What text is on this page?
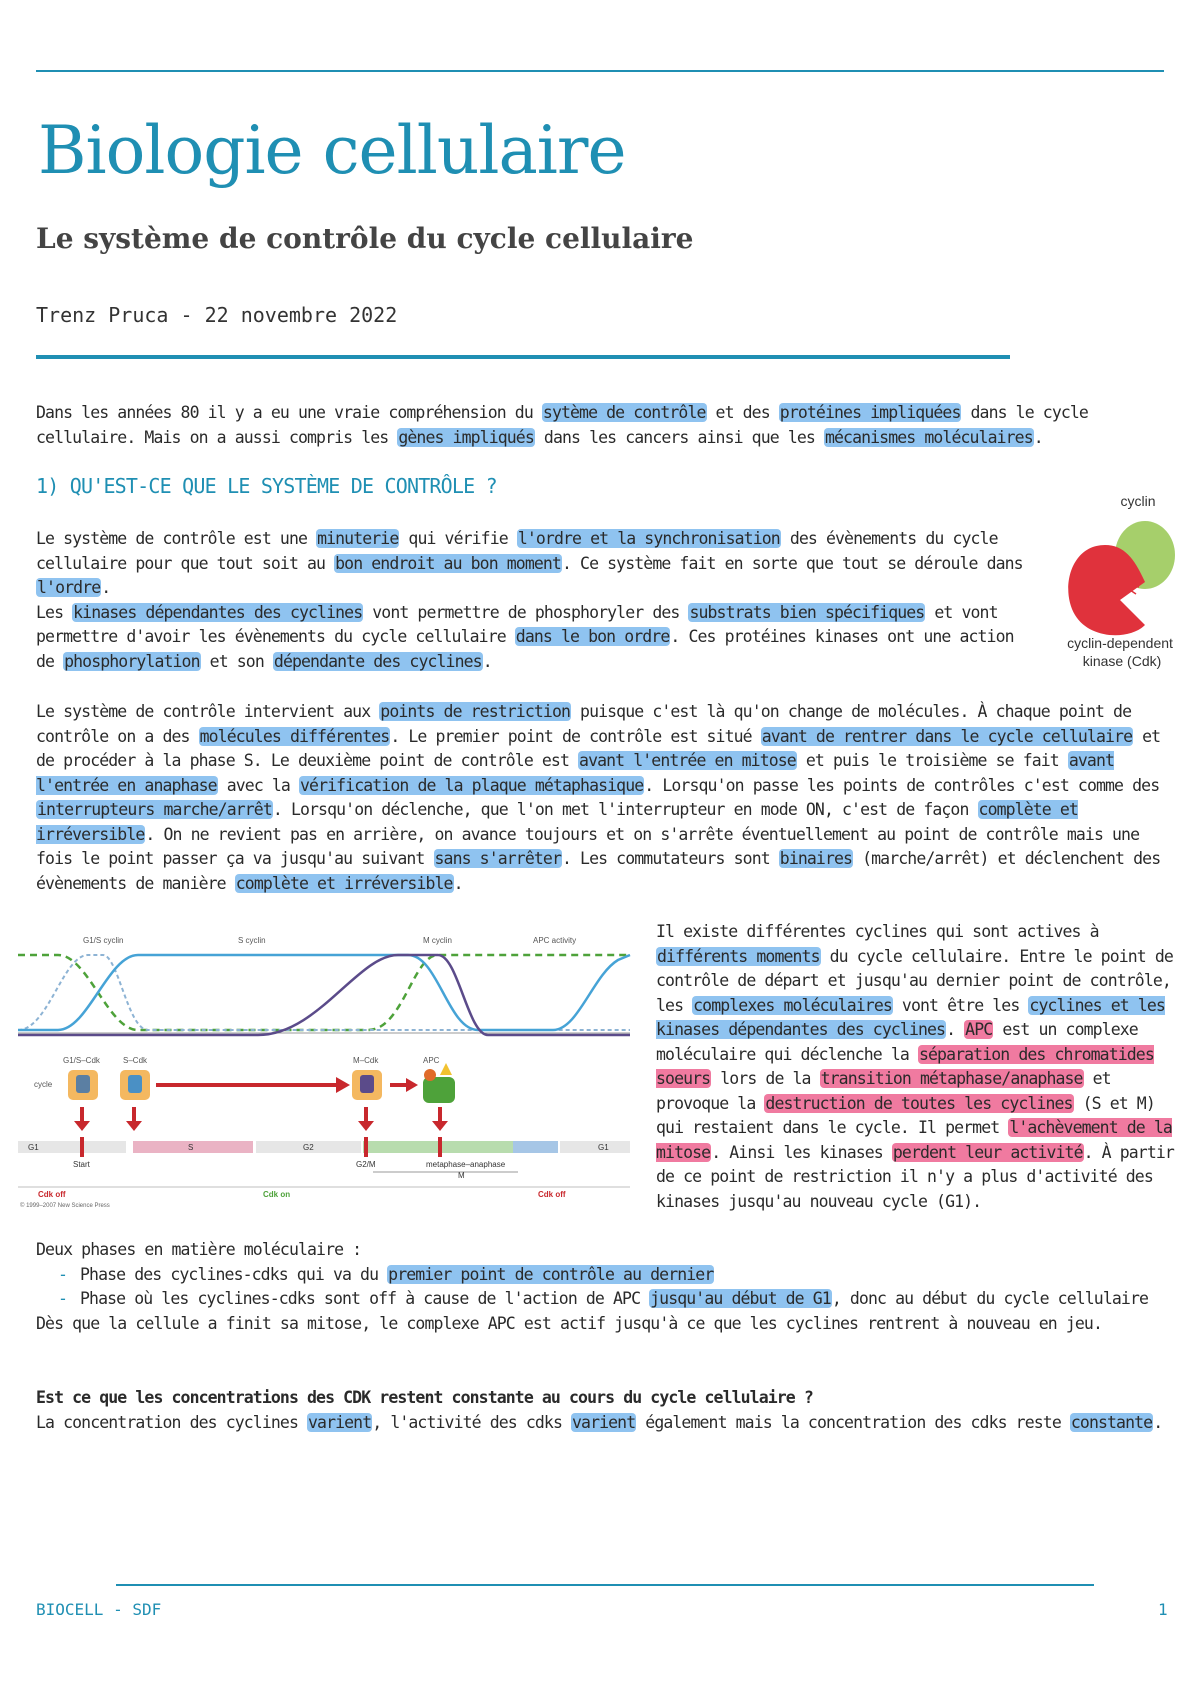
Biologie cellulaire
Le système de contrôle du cycle cellulaire
Trenz Pruca - 22 novembre 2022

Dans les années 80 il y a eu une vraie compréhension du sytème de contrôle et des protéines impliquées dans le cycle cellulaire. Mais on a aussi compris les gènes impliqués dans les cancers ainsi que les mécanismes moléculaires.

1) QU'EST-CE QUE LE SYSTÈME DE CONTRÔLE ?

Le système de contrôle est une minuterie qui vérifie l'ordre et la synchronisation des évènements du cycle cellulaire pour que tout soit au bon endroit au bon moment. Ce système fait en sorte que tout se déroule dans l'ordre.

Les kinases dépendantes des cyclines vont permettre de phosphoryler des substrats bien spécifiques et vont permettre d'avoir les évènements du cycle cellulaire dans le bon ordre. Ces protéines kinases ont une action de phosphorylation et son dépendante des cyclines.

cyclin
cyclin-dependent
kinase (Cdk)

Le système de contrôle intervient aux points de restriction puisque c'est là qu'on change de molécules. À chaque point de contrôle on a des molécules différentes. Le premier point de contrôle est situé avant de rentrer dans le cycle cellulaire et de procéder à la phase S. Le deuxième point de contrôle est avant l'entrée en mitose et puis le troisième se fait avant l'entrée en anaphase avec la vérification de la plaque métaphasique. Lorsqu'on passe les points de contrôles c'est comme des interrupteurs marche/arrêt. Lorsqu'on déclenche, que l'on met l'interrupteur en mode ON, c'est de façon complète et irréversible. On ne revient pas en arrière, on avance toujours et on s'arrête éventuellement au point de contrôle mais une fois le point passer ça va jusqu'au suivant sans s'arrêter. Les commutateurs sont binaires (marche/arrêt) et déclenchent des évènements de manière complète et irréversible.

G1/S cyclin	S cyclin	M cyclin	APC activity
G1/S–Cdk	S–Cdk	M–Cdk	APC
cycle
G1	S	G2	G1
Start	G2/M	metaphase–anaphase
M
Cdk off	Cdk on	Cdk off
© 1999–2007 New Science Press

Il existe différentes cyclines qui sont actives à différents moments du cycle cellulaire. Entre le point de contrôle de départ et jusqu'au dernier point de contrôle, les complexes moléculaires vont être les cyclines et les kinases dépendantes des cyclines. APC est un complexe moléculaire qui déclenche la séparation des chromatides soeurs lors de la transition métaphase/anaphase et provoque la destruction de toutes les cyclines (S et M) qui restaient dans le cycle. Il permet l'achèvement de la mitose. Ainsi les kinases perdent leur activité. À partir de ce point de restriction il n'y a plus d'activité des kinases jusqu'au nouveau cycle (G1).

Deux phases en matière moléculaire :

- Phase des cyclines-cdks qui va du premier point de contrôle au dernier
- Phase où les cyclines-cdks sont off à cause de l'action de APC jusqu'au début de G1, donc au début du cycle cellulaire

Dès que la cellule a finit sa mitose, le complexe APC est actif jusqu'à ce que les cyclines rentrent à nouveau en jeu.

Est ce que les concentrations des CDK restent constante au cours du cycle cellulaire ?

La concentration des cyclines varient, l'activité des cdks varient également mais la concentration des cdks reste constante.

BIOCELL - SDF	1
